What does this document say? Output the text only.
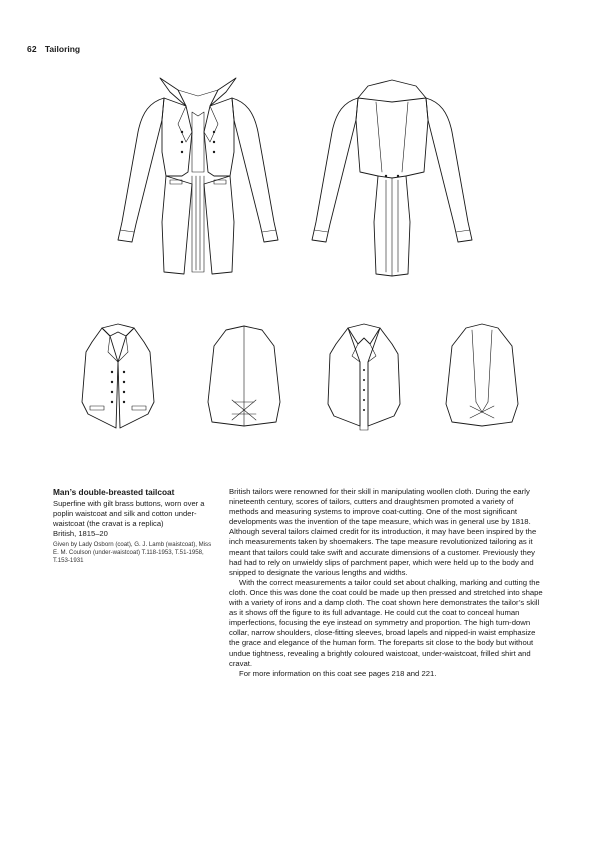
62 Tailoring
Man’s double-breasted tailcoat
Superfine with gilt brass buttons, worn over a poplin waistcoat and silk and cotton under-waistcoat (the cravat is a replica)
British, 1815–20
Given by Lady Osborn (coat), G. J. Lamb (waistcoat), Miss E. M. Coulson (under-waistcoat) T.118-1953, T.51-1958, T.153-1931

British tailors were renowned for their skill in manipulating woollen cloth. During the early nineteenth century, scores of tailors, cutters and draughtsmen promoted a variety of methods and measuring systems to improve coat-cutting. One of the most significant developments was the invention of the tape measure, which was in general use by 1818. Although several tailors claimed credit for its introduction, it may have been inspired by the inch measurements taken by shoemakers. The tape measure revolutionized tailoring as it meant that tailors could take swift and accurate dimensions of a customer. Previously they had had to rely on unwieldy slips of parchment paper, which were held up to the body and snipped to designate the various lengths and widths.

With the correct measurements a tailor could set about chalking, marking and cutting the cloth. Once this was done the coat could be made up then pressed and stretched into shape with a variety of irons and a damp cloth. The coat shown here demonstrates the tailor’s skill as it shows off the figure to its full advantage. He could cut the coat to conceal human imperfections, focusing the eye instead on symmetry and proportion. The high turn-down collar, narrow shoulders, close-fitting sleeves, broad lapels and nipped-in waist emphasize the grace and elegance of the human form. The foreparts sit close to the body but without undue tightness, revealing a brightly coloured waistcoat, under-waistcoat, frilled shirt and cravat.

For more information on this coat see pages 218 and 221.
